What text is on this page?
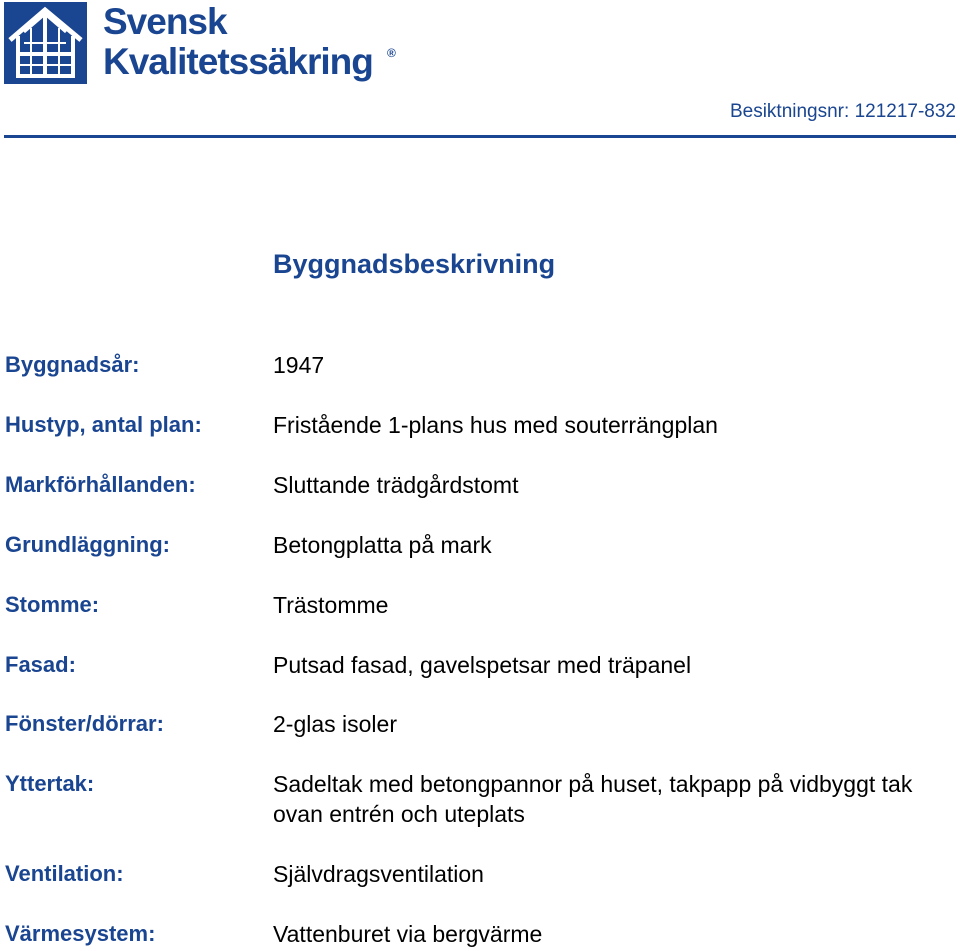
Svensk
Kvalitetssäkring ®
Besiktningsnr: 121217-832
Byggnadsbeskrivning
Byggnadsår:	1947
Hustyp, antal plan:	Fristående 1-plans hus med souterrängplan
Markförhållanden:	Sluttande trädgårdstomt
Grundläggning:	Betongplatta på mark
Stomme:	Trästomme
Fasad:	Putsad fasad, gavelspetsar med träpanel
Fönster/dörrar:	2-glas isoler
Yttertak:	Sadeltak med betongpannor på huset, takpapp på vidbyggt tak ovan entrén och uteplats
Ventilation:	Självdragsventilation
Värmesystem:	Vattenburet via bergvärme
